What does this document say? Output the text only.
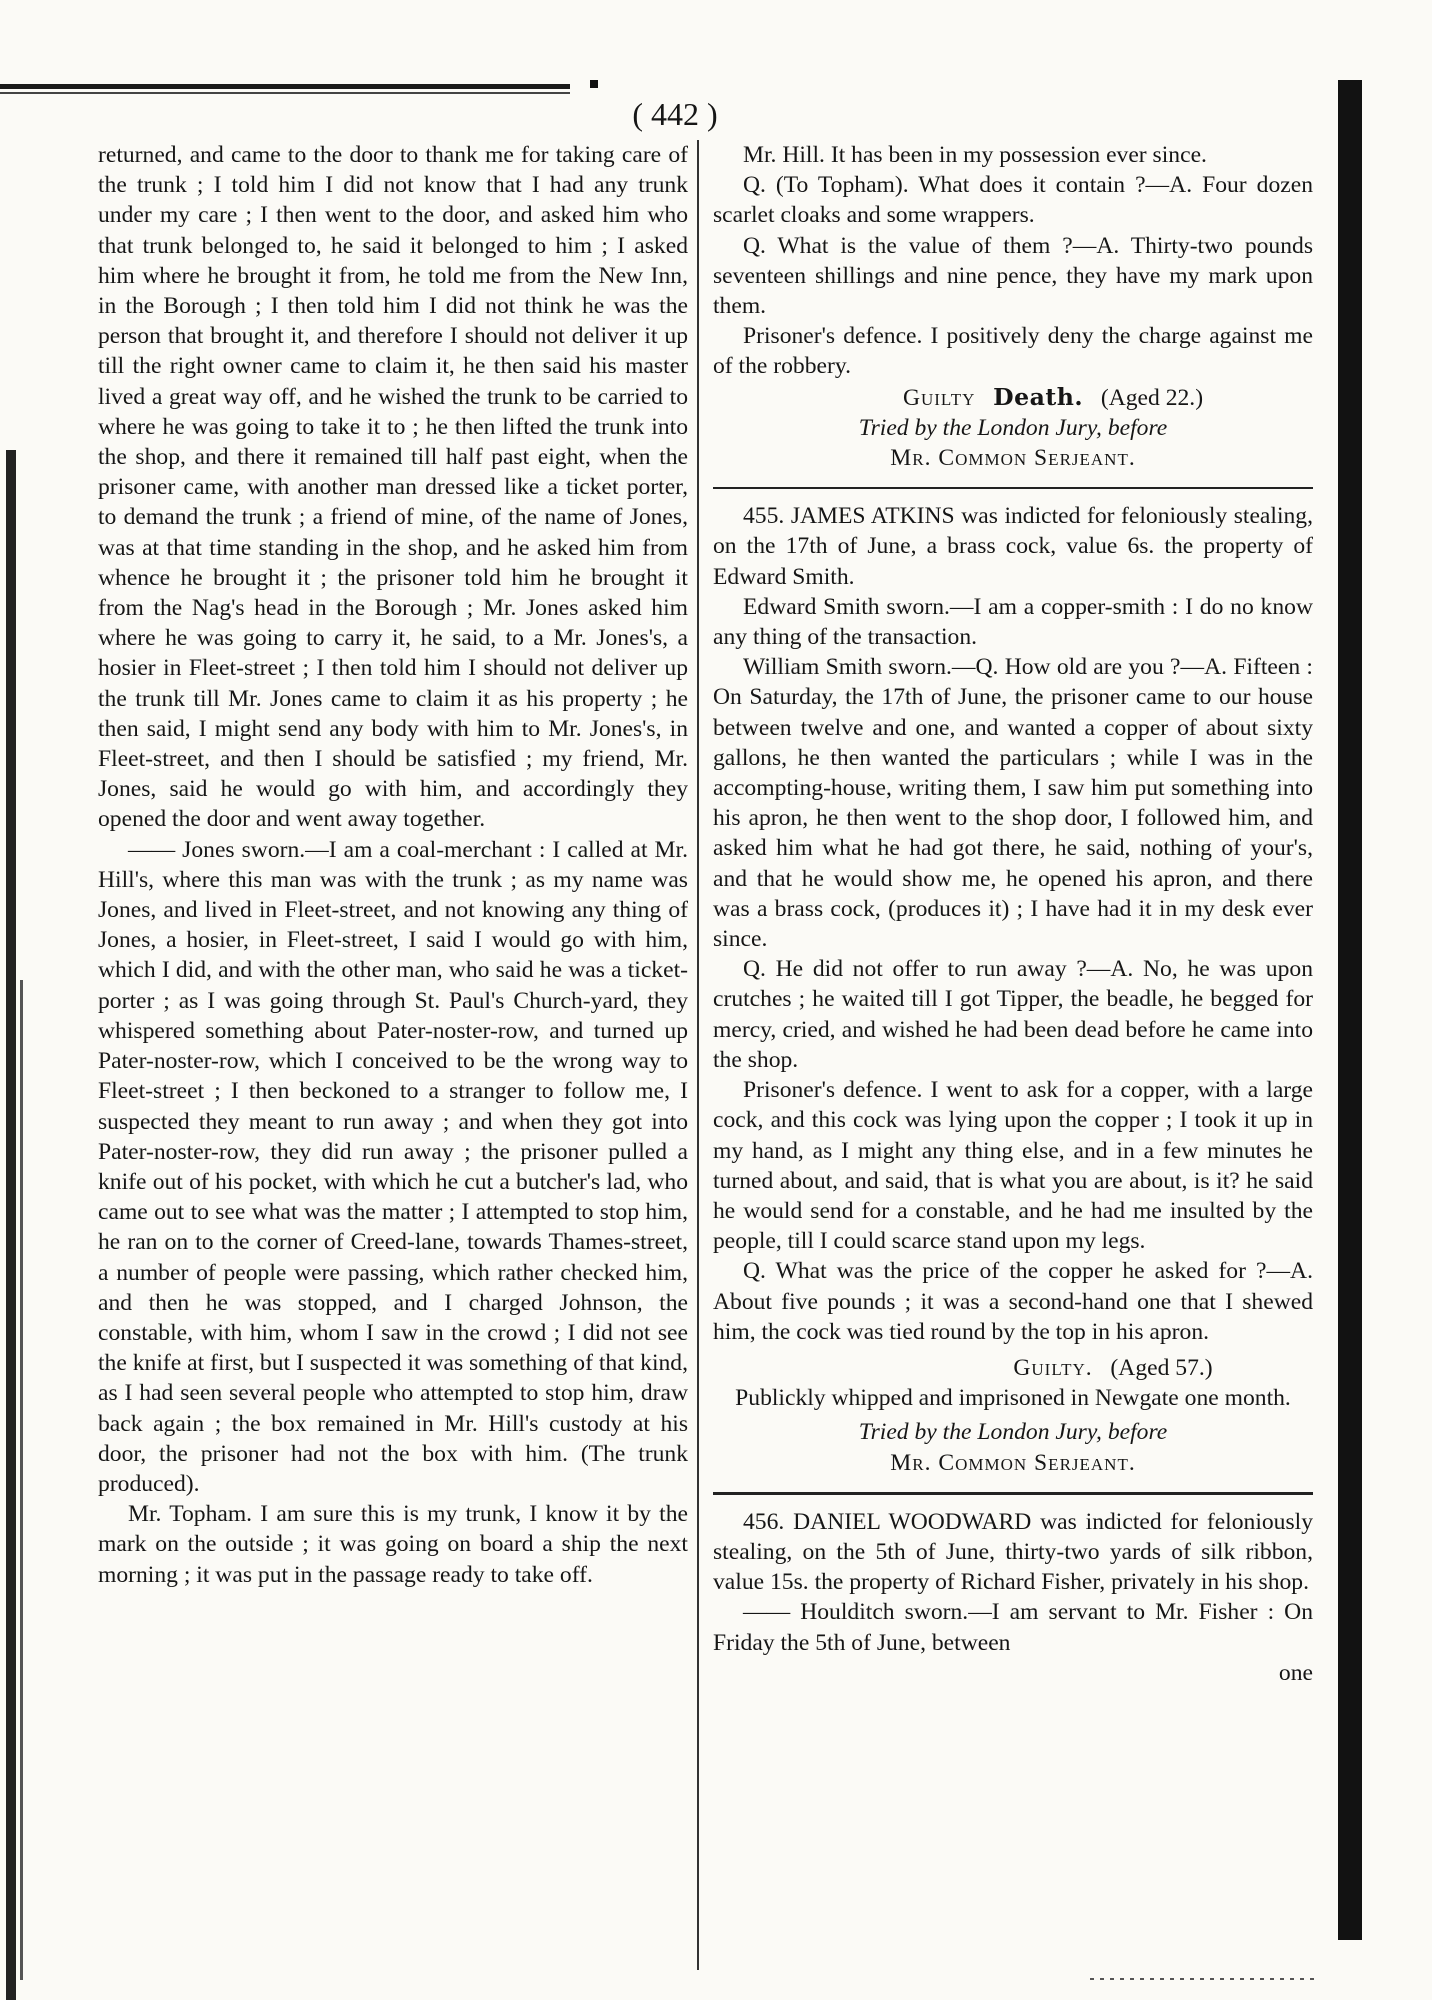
( 442 )

returned, and came to the door to thank me for taking care of the trunk ; I told him I did not know that I had any trunk under my care ; I then went to the door, and asked him who that trunk belonged to, he said it belonged to him ; I asked him where he brought it from, he told me from the New Inn, in the Borough ; I then told him I did not think he was the person that brought it, and therefore I should not deliver it up till the right owner came to claim it, he then said his master lived a great way off, and he wished the trunk to be carried to where he was going to take it to ; he then lifted the trunk into the shop, and there it remained till half past eight, when the prisoner came, with another man dressed like a ticket porter, to demand the trunk ; a friend of mine, of the name of Jones, was at that time standing in the shop, and he asked him from whence he brought it ; the prisoner told him he brought it from the Nag's head in the Borough ; Mr. Jones asked him where he was going to carry it, he said, to a Mr. Jones's, a hosier in Fleet-street ; I then told him I should not deliver up the trunk till Mr. Jones came to claim it as his property ; he then said, I might send any body with him to Mr. Jones's, in Fleet-street, and then I should be satisfied ; my friend, Mr. Jones, said he would go with him, and accordingly they opened the door and went away together.

—— Jones sworn.—I am a coal-merchant : I called at Mr. Hill's, where this man was with the trunk ; as my name was Jones, and lived in Fleet-street, and not knowing any thing of Jones, a hosier, in Fleet-street, I said I would go with him, which I did, and with the other man, who said he was a ticket-porter ; as I was going through St. Paul's Church-yard, they whispered something about Pater-noster-row, and turned up Pater-noster-row, which I conceived to be the wrong way to Fleet-street ; I then beckoned to a stranger to follow me, I suspected they meant to run away ; and when they got into Pater-noster-row, they did run away ; the prisoner pulled a knife out of his pocket, with which he cut a butcher's lad, who came out to see what was the matter ; I attempted to stop him, he ran on to the corner of Creed-lane, towards Thames-street, a number of people were passing, which rather checked him, and then he was stopped, and I charged Johnson, the constable, with him, whom I saw in the crowd ; I did not see the knife at first, but I suspected it was something of that kind, as I had seen several people who attempted to stop him, draw back again ; the box remained in Mr. Hill's custody at his door, the prisoner had not the box with him. (The trunk produced).

Mr. Topham. I am sure this is my trunk, I know it by the mark on the outside ; it was going on board a ship the next morning ; it was put in the passage ready to take off.

Mr. Hill. It has been in my possession ever since.

Q. (To Topham). What does it contain ?—A. Four dozen scarlet cloaks and some wrappers.

Q. What is the value of them ?—A. Thirty-two pounds seventeen shillings and nine pence, they have my mark upon them.

Prisoner's defence. I positively deny the charge against me of the robbery.

Guilty Death. (Aged 22.)

Tried by the London Jury, before

Mr. Common Serjeant.

455. JAMES ATKINS was indicted for feloniously stealing, on the 17th of June, a brass cock, value 6s. the property of Edward Smith.

Edward Smith sworn.—I am a copper-smith : I do no know any thing of the transaction.

William Smith sworn.—Q. How old are you ?—A. Fifteen : On Saturday, the 17th of June, the prisoner came to our house between twelve and one, and wanted a copper of about sixty gallons, he then wanted the particulars ; while I was in the accompting-house, writing them, I saw him put something into his apron, he then went to the shop door, I followed him, and asked him what he had got there, he said, nothing of your's, and that he would show me, he opened his apron, and there was a brass cock, (produces it) ; I have had it in my desk ever since.

Q. He did not offer to run away ?—A. No, he was upon crutches ; he waited till I got Tipper, the beadle, he begged for mercy, cried, and wished he had been dead before he came into the shop.

Prisoner's defence. I went to ask for a copper, with a large cock, and this cock was lying upon the copper ; I took it up in my hand, as I might any thing else, and in a few minutes he turned about, and said, that is what you are about, is it? he said he would send for a constable, and he had me insulted by the people, till I could scarce stand upon my legs.

Q. What was the price of the copper he asked for ?—A. About five pounds ; it was a second-hand one that I shewed him, the cock was tied round by the top in his apron.

Guilty. (Aged 57.)

Publickly whipped and imprisoned in Newgate one month.

Tried by the London Jury, before

Mr. Common Serjeant.

456. DANIEL WOODWARD was indicted for feloniously stealing, on the 5th of June, thirty-two yards of silk ribbon, value 15s. the property of Richard Fisher, privately in his shop.

—— Houlditch sworn.—I am servant to Mr. Fisher : On Friday the 5th of June, between

one
